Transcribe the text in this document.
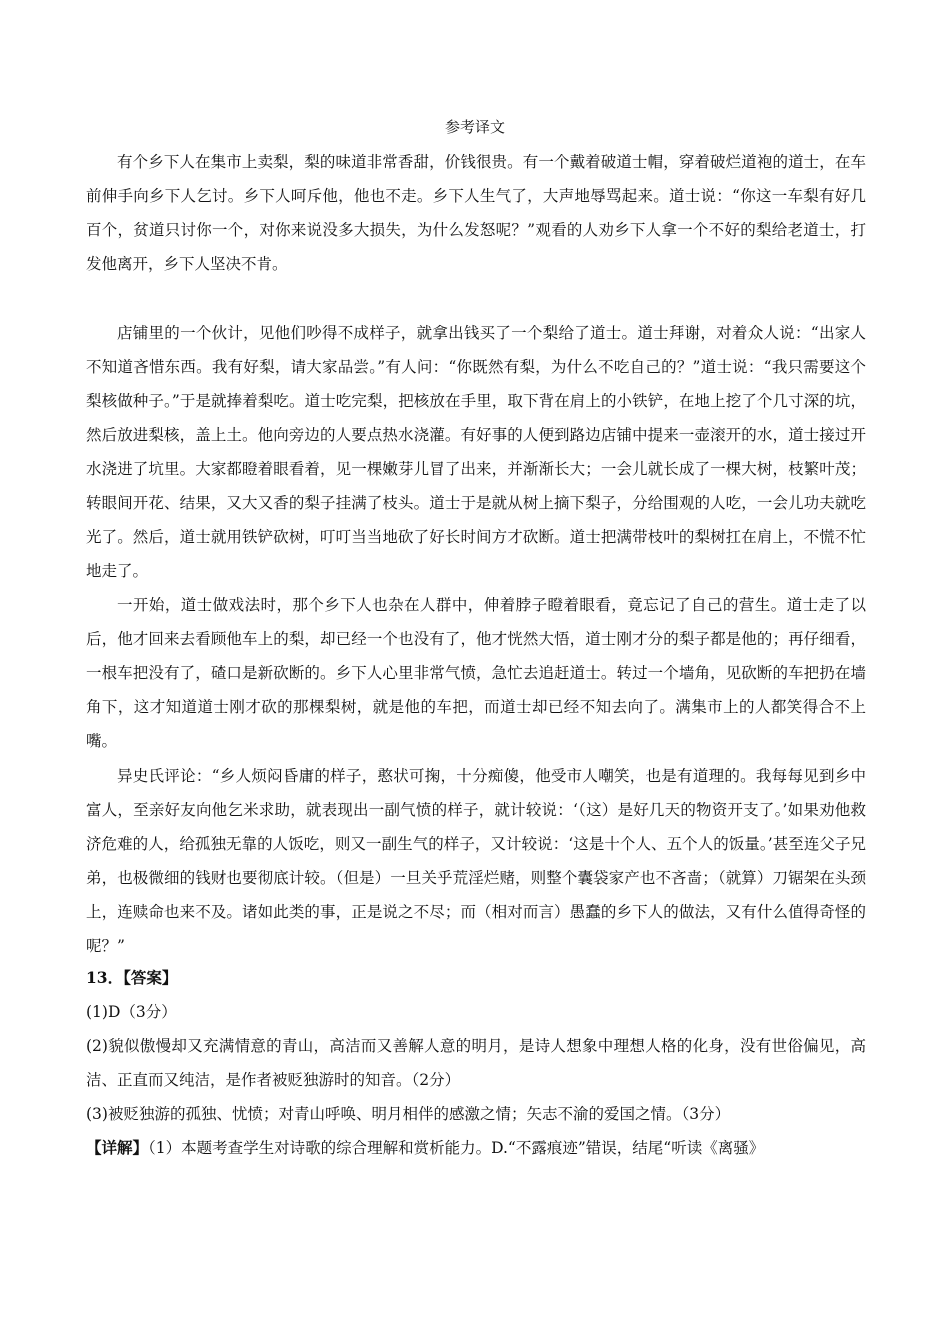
参考译文

有个乡下人在集市上卖梨，梨的味道非常香甜，价钱很贵。有一个戴着破道士帽，穿着破烂道袍的道士，在车前伸手向乡下人乞讨。乡下人呵斥他，他也不走。乡下人生气了，大声地辱骂起来。道士说：“你这一车梨有好几百个，贫道只讨你一个，对你来说没多大损失，为什么发怒呢？”观看的人劝乡下人拿一个不好的梨给老道士，打发他离开，乡下人坚决不肯。

店铺里的一个伙计，见他们吵得不成样子，就拿出钱买了一个梨给了道士。道士拜谢，对着众人说：“出家人不知道吝惜东西。我有好梨，请大家品尝。”有人问：“你既然有梨，为什么不吃自己的？”道士说：“我只需要这个梨核做种子。”于是就捧着梨吃。道士吃完梨，把核放在手里，取下背在肩上的小铁铲，在地上挖了个几寸深的坑，然后放进梨核，盖上土。他向旁边的人要点热水浇灌。有好事的人便到路边店铺中提来一壶滚开的水，道士接过开水浇进了坑里。大家都瞪着眼看着，见一棵嫩芽儿冒了出来，并渐渐长大；一会儿就长成了一棵大树，枝繁叶茂；转眼间开花、结果，又大又香的梨子挂满了枝头。道士于是就从树上摘下梨子，分给围观的人吃，一会儿功夫就吃光了。然后，道士就用铁铲砍树，叮叮当当地砍了好长时间方才砍断。道士把满带枝叶的梨树扛在肩上，不慌不忙地走了。

一开始，道士做戏法时，那个乡下人也杂在人群中，伸着脖子瞪着眼看，竟忘记了自己的营生。道士走了以后，他才回来去看顾他车上的梨，却已经一个也没有了，他才恍然大悟，道士刚才分的梨子都是他的；再仔细看，一根车把没有了，碴口是新砍断的。乡下人心里非常气愤，急忙去追赶道士。转过一个墙角，见砍断的车把扔在墙角下，这才知道道士刚才砍的那棵梨树，就是他的车把，而道士却已经不知去向了。满集市上的人都笑得合不上嘴。

异史氏评论：“乡人烦闷昏庸的样子，憨状可掬，十分痴傻，他受市人嘲笑，也是有道理的。我每每见到乡中富人，至亲好友向他乞米求助，就表现出一副气愤的样子，就计较说：‘（这）是好几天的物资开支了。’如果劝他救济危难的人，给孤独无靠的人饭吃，则又一副生气的样子，又计较说：‘这是十个人、五个人的饭量。’甚至连父子兄弟，也极微细的钱财也要彻底计较。（但是）一旦关乎荒淫烂赌，则整个囊袋家产也不吝啬；（就算）刀锯架在头颈上，连赎命也来不及。诸如此类的事，正是说之不尽；而（相对而言）愚蠢的乡下人的做法，又有什么值得奇怪的呢？”

13．【答案】

(1)D（3分）

(2)貌似傲慢却又充满情意的青山，高洁而又善解人意的明月，是诗人想象中理想人格的化身，没有世俗偏见，高洁、正直而又纯洁，是作者被贬独游时的知音。（2分）

(3)被贬独游的孤独、忧愤；对青山呼唤、明月相伴的感激之情；矢志不渝的爱国之情。（3分）

【详解】（1）本题考查学生对诗歌的综合理解和赏析能力。D.“不露痕迹”错误，结尾“听读《离骚》
